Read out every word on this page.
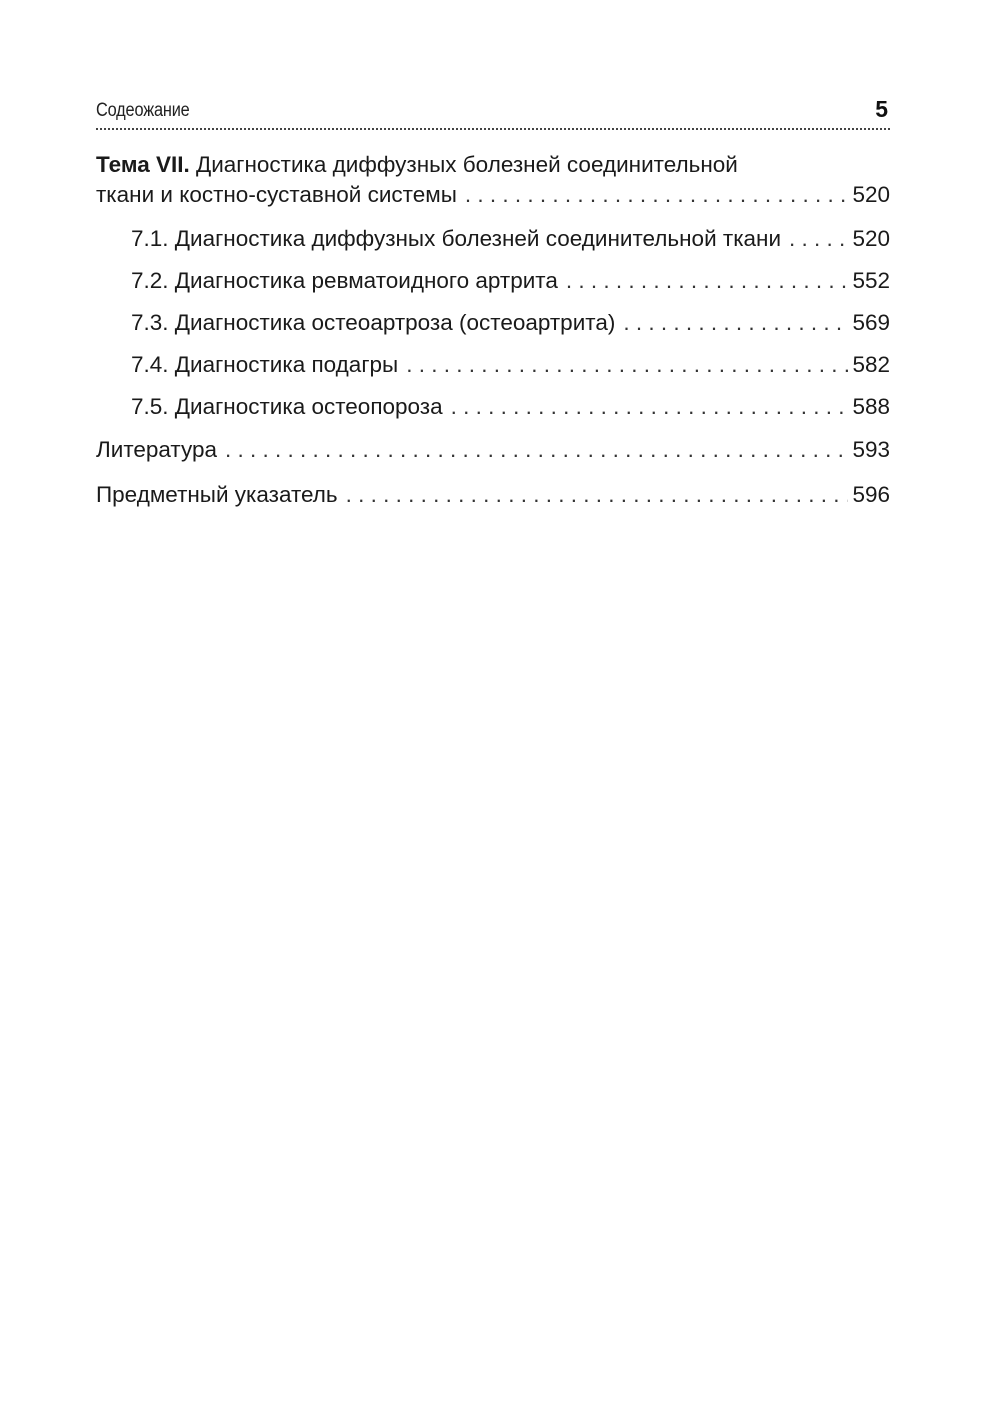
Содеожание	5
Тема VII. Диагностика диффузных болезней соединительной
ткани и костно-суставной системы . . .	520
7.1. Диагностика диффузных болезней соединительной ткани . . .	520
7.2. Диагностика ревматоидного артрита . . .	552
7.3. Диагностика остеоартроза (остеоартрита) . . .	569
7.4. Диагностика подагры . . .	582
7.5. Диагностика остеопороза . . .	588
Литература . . .	593
Предметный указатель . . .	596
